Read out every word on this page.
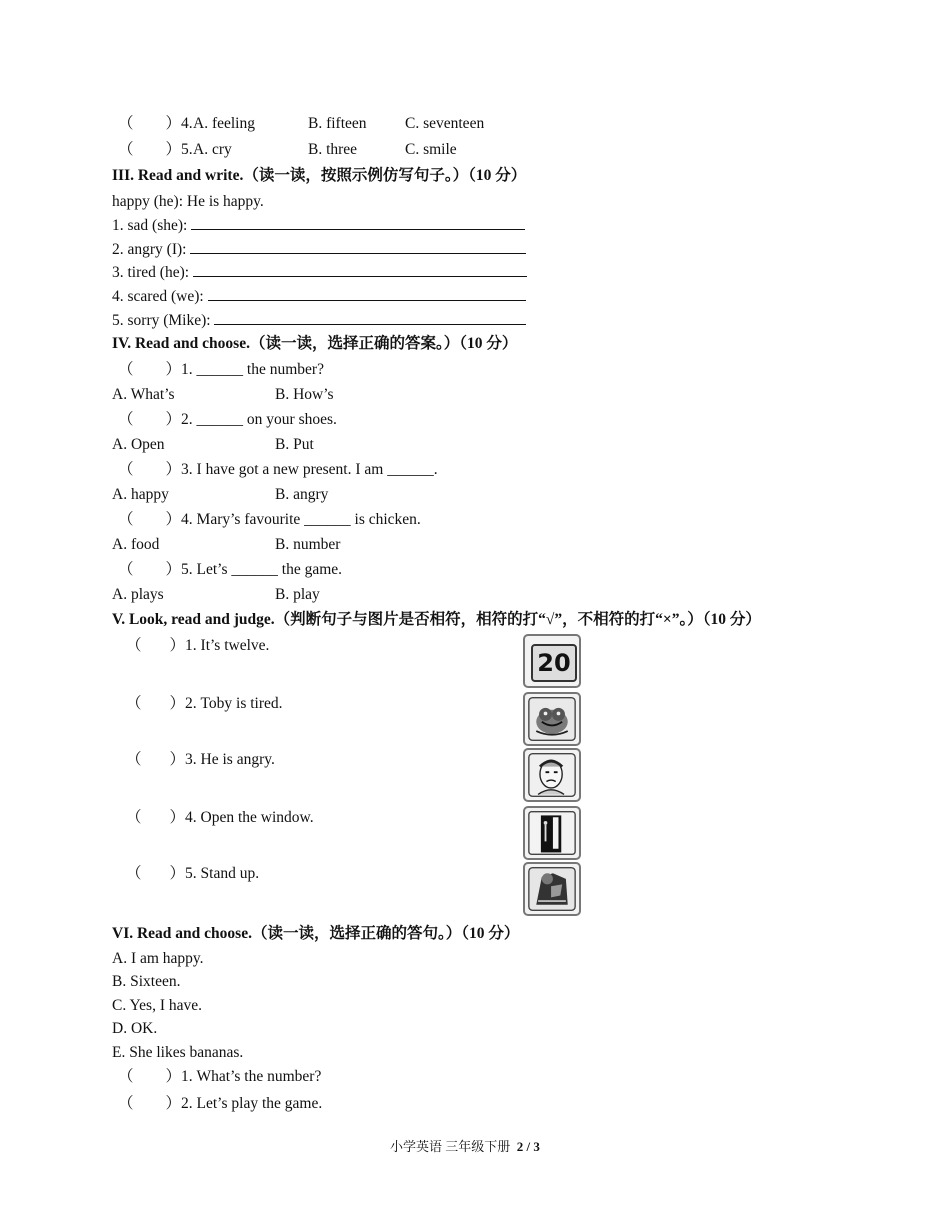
（ ）4. A. feeling	B. fifteen C. seventeen
（ ）5. A. cry	B. three	C. smile
III. Read and write.（读一读，按照示例仿写句子。）（10 分）
happy (he): He is happy.
1. sad (she):
2. angry (I):
3. tired (he):
4. scared (we):
5. sorry (Mike):
IV. Read and choose.（读一读，选择正确的答案。）（10 分）
（ ）1. ______ the number?
A. What’s	B. How’s
（ ）2. ______ on your shoes.
A. Open	B. Put
（ ）3. I have got a new present. I am ______.
A. happy	B. angry
（ ）4. Mary’s favourite ______ is chicken.
A. food	B. number
（ ）5. Let’s ______ the game.
A. plays	B. play
V. Look, read and judge.（判断句子与图片是否相符，相符的打“√”，不相符的打“×”。）（10 分）
（ ）1. It’s twelve.
（ ）2. Toby is tired.
（ ）3. He is angry.
（ ）4. Open the window.
（ ）5. Stand up.
20
VI. Read and choose.（读一读，选择正确的答句。）（10 分）
A. I am happy.
B. Sixteen.
C. Yes, I have.
D. OK.
E. She likes bananas.
（ ）1. What’s the number?
（ ）2. Let’s play the game.
小学英语 三年级下册 2 / 3
